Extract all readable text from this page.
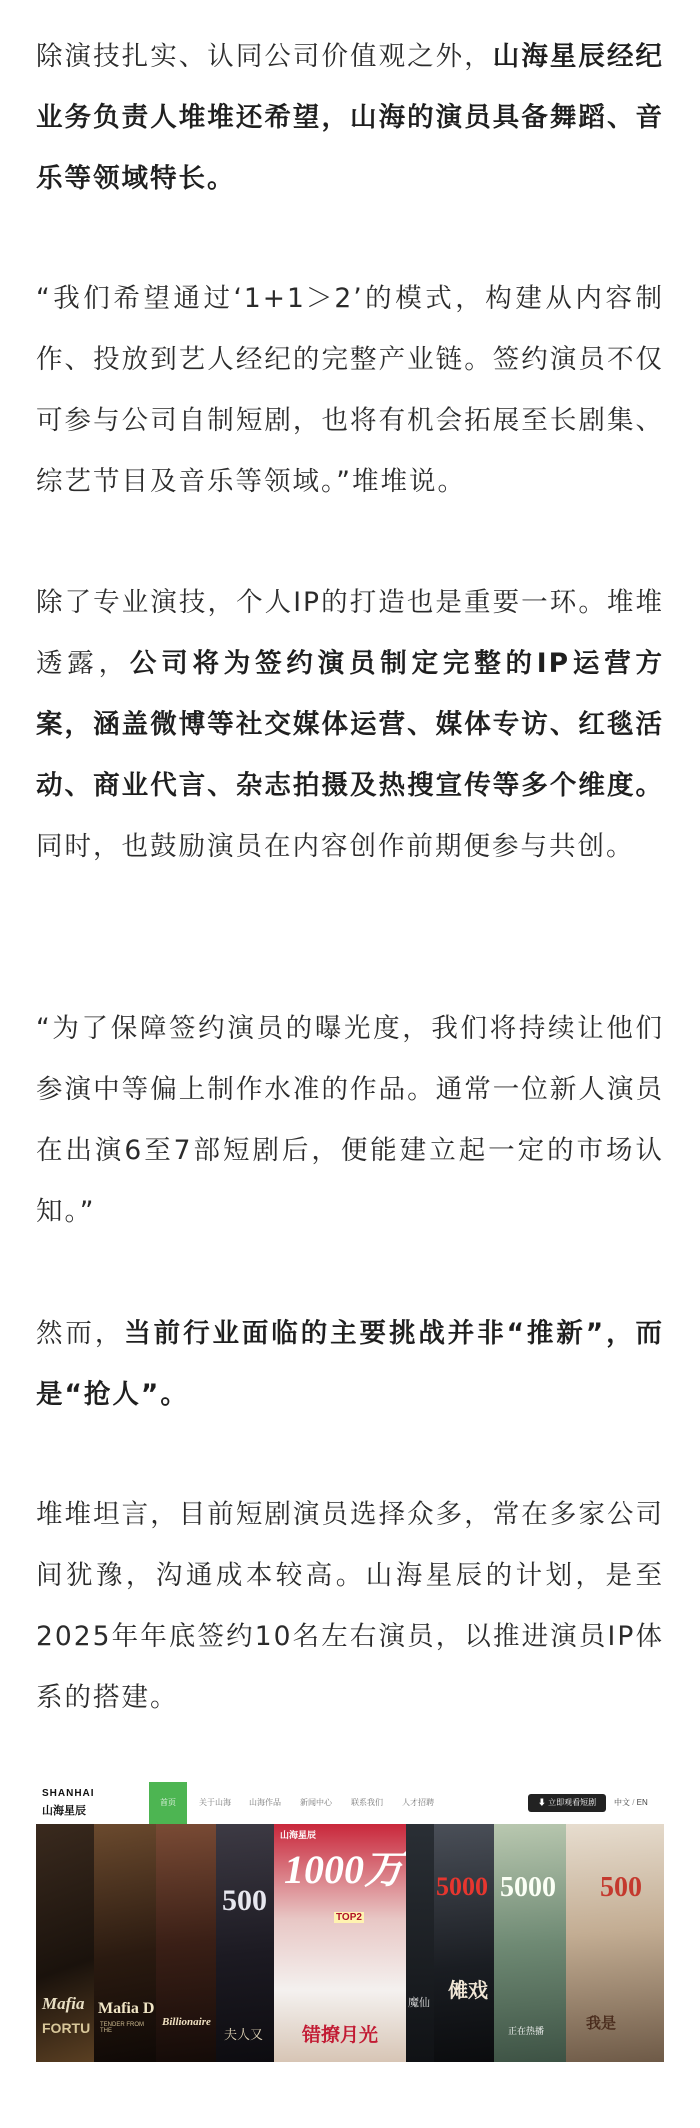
除演技扎实、认同公司价值观之外，山海星辰经纪业务负责人堆堆还希望，山海的演员具备舞蹈、音乐等领域特长。

“我们希望通过‘1+1＞2’的模式，构建从内容制作、投放到艺人经纪的完整产业链。签约演员不仅可参与公司自制短剧，也将有机会拓展至长剧集、综艺节目及音乐等领域。”堆堆说。

除了专业演技，个人IP的打造也是重要一环。堆堆透露，公司将为签约演员制定完整的IP运营方案，涵盖微博等社交媒体运营、媒体专访、红毯活动、商业代言、杂志拍摄及热搜宣传等多个维度。同时，也鼓励演员在内容创作前期便参与共创。

“为了保障签约演员的曝光度，我们将持续让他们参演中等偏上制作水准的作品。通常一位新人演员在出演6至7部短剧后，便能建立起一定的市场认知。”

然而，当前行业面临的主要挑战并非“推新”，而是“抢人”。

堆堆坦言，目前短剧演员选择众多，常在多家公司间犹豫，沟通成本较高。山海星辰的计划，是至2025年年底签约10名左右演员，以推进演员IP体系的搭建。

SHANHAI
山海星辰
首页	关于山海	山海作品	新闻中心	联系我们	人才招聘	⬇ 立即观看短剧	中文 / EN
Mafia
FORTU
Mafia D
TENDER FROM THE
Billionaire
500
夫人又
山海星辰
1000万
TOP2
错撩月光
魔仙
5000
傩戏
5000
正在热播
500
我是
